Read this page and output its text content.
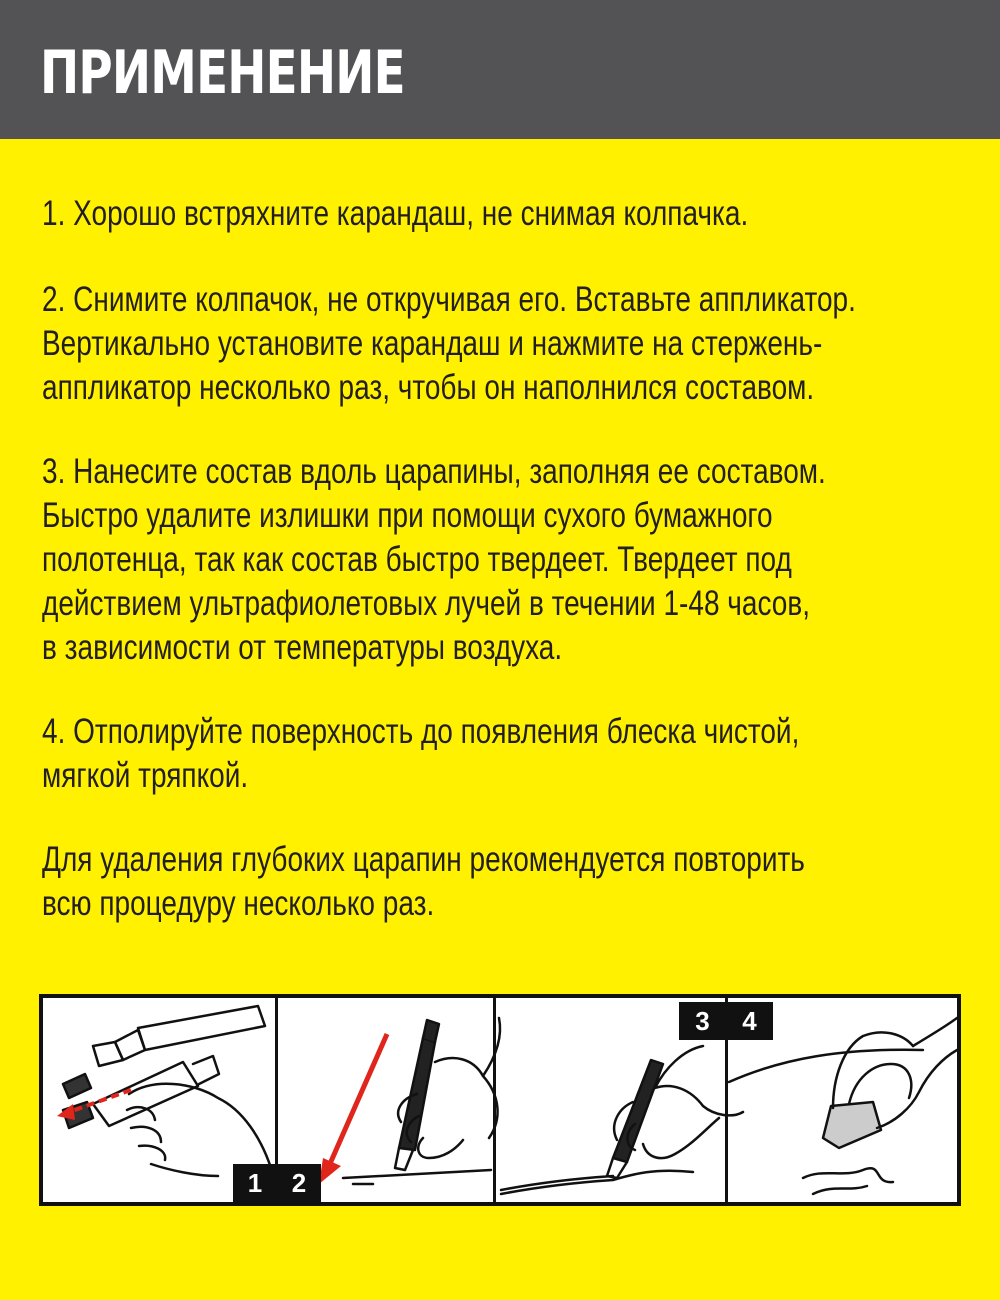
ПРИМЕНЕНИЕ
1. Хорошо встряхните карандаш, не снимая колпачка.
2. Снимите колпачок, не откручивая его. Вставьте аппликатор.
Вертикально установите карандаш и нажмите на стержень-
аппликатор несколько раз, чтобы он наполнился составом.
3. Нанесите состав вдоль царапины, заполняя ее составом.
Быстро удалите излишки при помощи сухого бумажного
полотенца, так как состав быстро твердеет. Твердеет под
действием ультрафиолетовых лучей в течении 1-48 часов,
в зависимости от температуры воздуха.
4. Отполируйте поверхность до появления блеска чистой,
мягкой тряпкой.
Для удаления глубоких царапин рекомендуется повторить
всю процедуру несколько раз.
1	2
3	4
